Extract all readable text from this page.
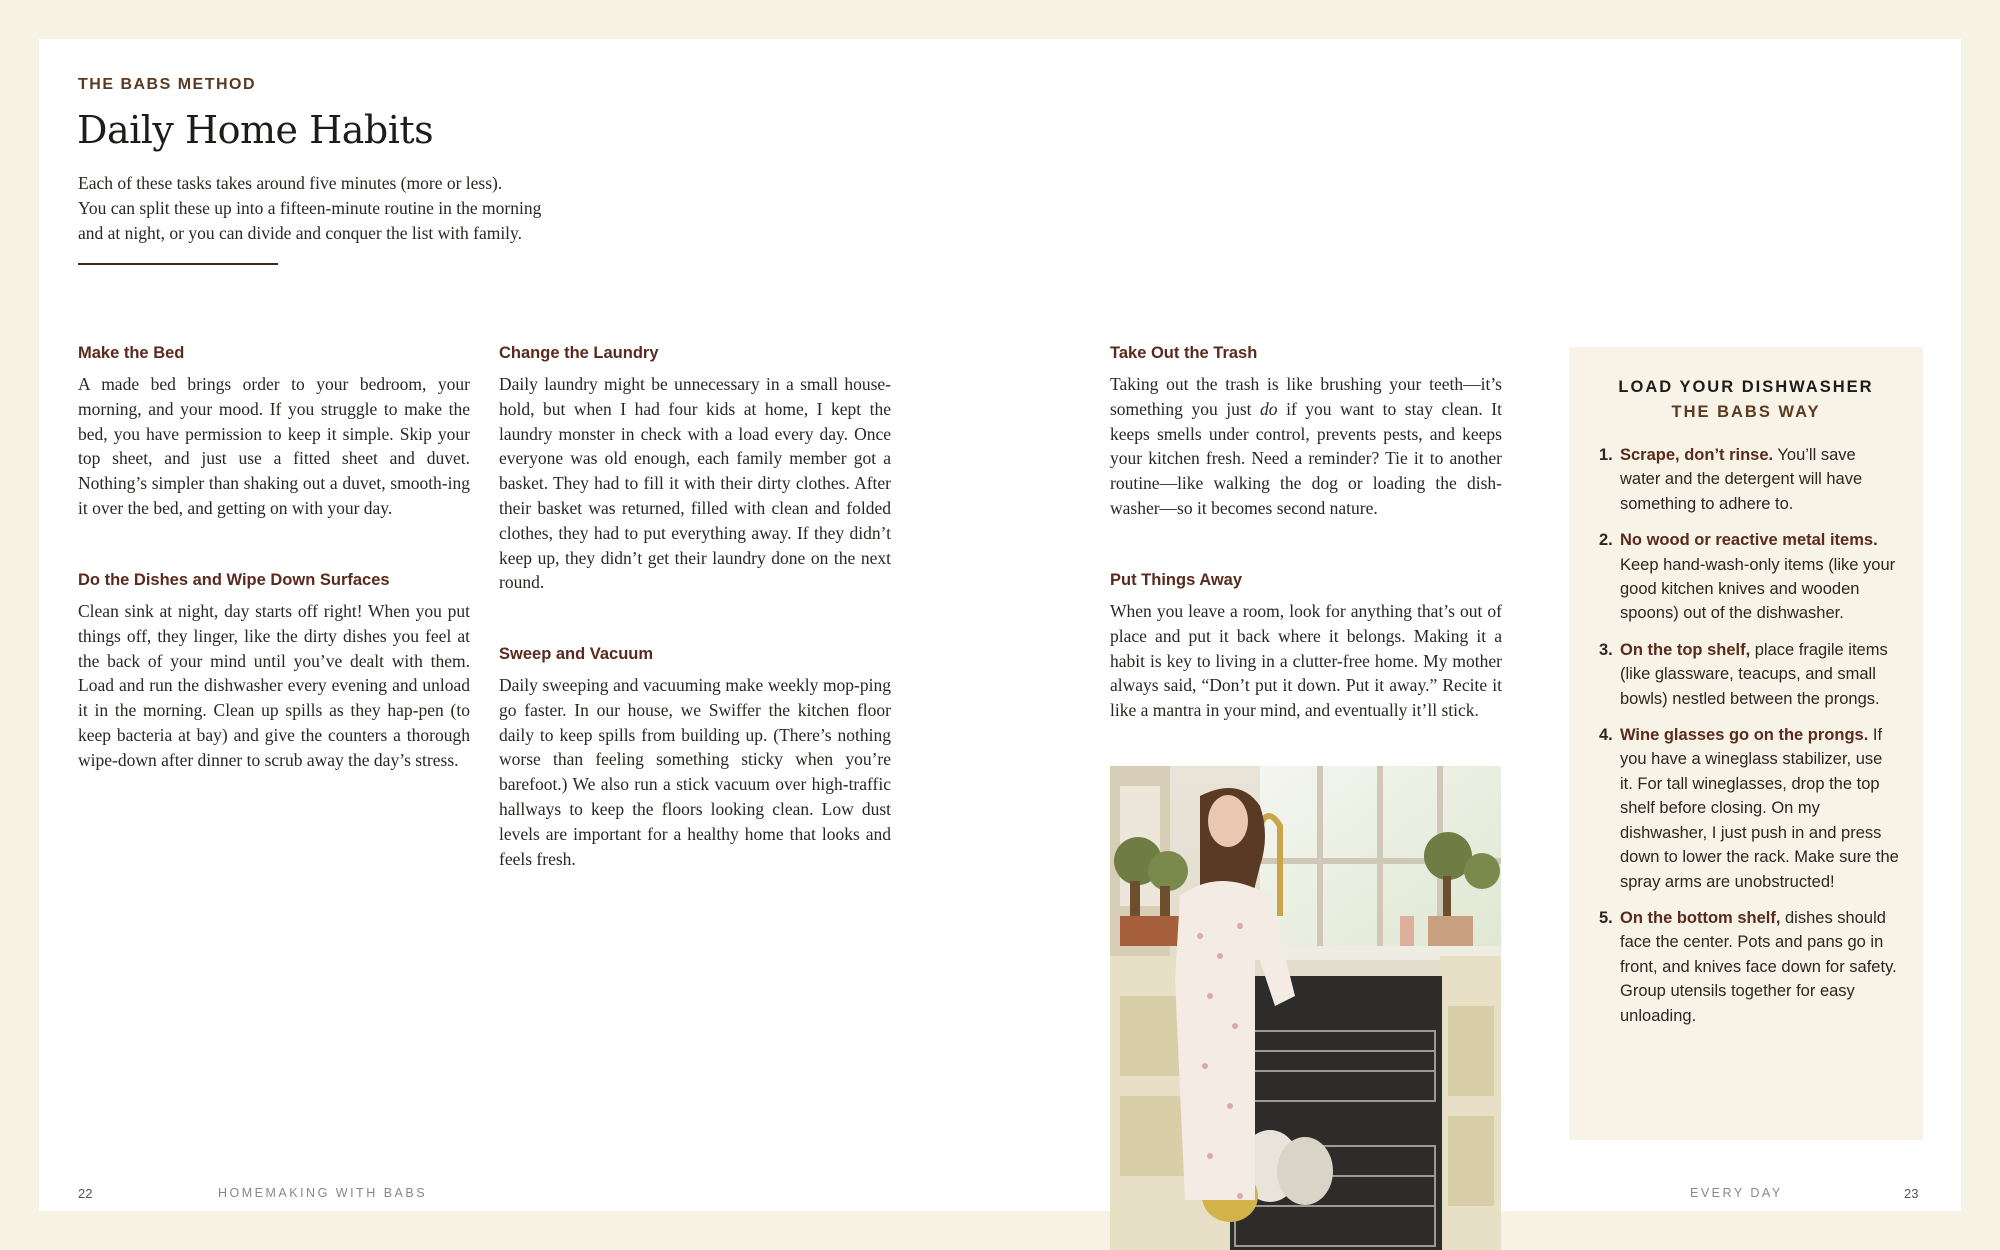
THE BABS METHOD
Daily Home Habits

Each of these tasks takes around five minutes (more or less).

You can split these up into a fifteen-minute routine in the morning

and at night, or you can divide and conquer the list with family.

Make the Bed

A made bed brings order to your bedroom, your morning, and your mood. If you struggle to make the bed, you have permission to keep it simple. Skip your top sheet, and just use a fitted sheet and duvet. Nothing’s simpler than shaking out a duvet, smooth-ing it over the bed, and getting on with your day.

Do the Dishes and Wipe Down Surfaces

Clean sink at night, day starts off right! When you put things off, they linger, like the dirty dishes you feel at the back of your mind until you’ve dealt with them. Load and run the dishwasher every evening and unload it in the morning. Clean up spills as they hap-pen (to keep bacteria at bay) and give the counters a thorough wipe-down after dinner to scrub away the day’s stress.

Change the Laundry

Daily laundry might be unnecessary in a small house-hold, but when I had four kids at home, I kept the laundry monster in check with a load every day. Once everyone was old enough, each family member got a basket. They had to fill it with their dirty clothes. After their basket was returned, filled with clean and folded clothes, they had to put everything away. If they didn’t keep up, they didn’t get their laundry done on the next round.

Sweep and Vacuum

Daily sweeping and vacuuming make weekly mop-ping go faster. In our house, we Swiffer the kitchen floor daily to keep spills from building up. (There’s nothing worse than feeling something sticky when you’re barefoot.) We also run a stick vacuum over high-traffic hallways to keep the floors looking clean. Low dust levels are important for a healthy home that looks and feels fresh.

Take Out the Trash

Taking out the trash is like brushing your teeth—it’s something you just do if you want to stay clean. It keeps smells under control, prevents pests, and keeps your kitchen fresh. Need a reminder? Tie it to another routine—like walking the dog or loading the dish-washer—so it becomes second nature.

Put Things Away

When you leave a room, look for anything that’s out of place and put it back where it belongs. Making it a habit is key to living in a clutter-free home. My mother always said, “Don’t put it down. Put it away.” Recite it like a mantra in your mind, and eventually it’ll stick.

LOAD YOUR DISHWASHER
THE BABS WAY
1. Scrape, don’t rinse. You’ll save water and the detergent will have something to adhere to.
2. No wood or reactive metal items. Keep hand-wash-only items (like your good kitchen knives and wooden spoons) out of the dishwasher.
3. On the top shelf, place fragile items (like glassware, teacups, and small bowls) nestled between the prongs.
4. Wine glasses go on the prongs. If you have a wineglass stabilizer, use it. For tall wineglasses, drop the top shelf before closing. On my dishwasher, I just push in and press down to lower the rack. Make sure the spray arms are unobstructed!
5. On the bottom shelf, dishes should face the center. Pots and pans go in front, and knives face down for safety. Group utensils together for easy unloading.
22	HOMEMAKING WITH BABS	EVERY DAY	23
